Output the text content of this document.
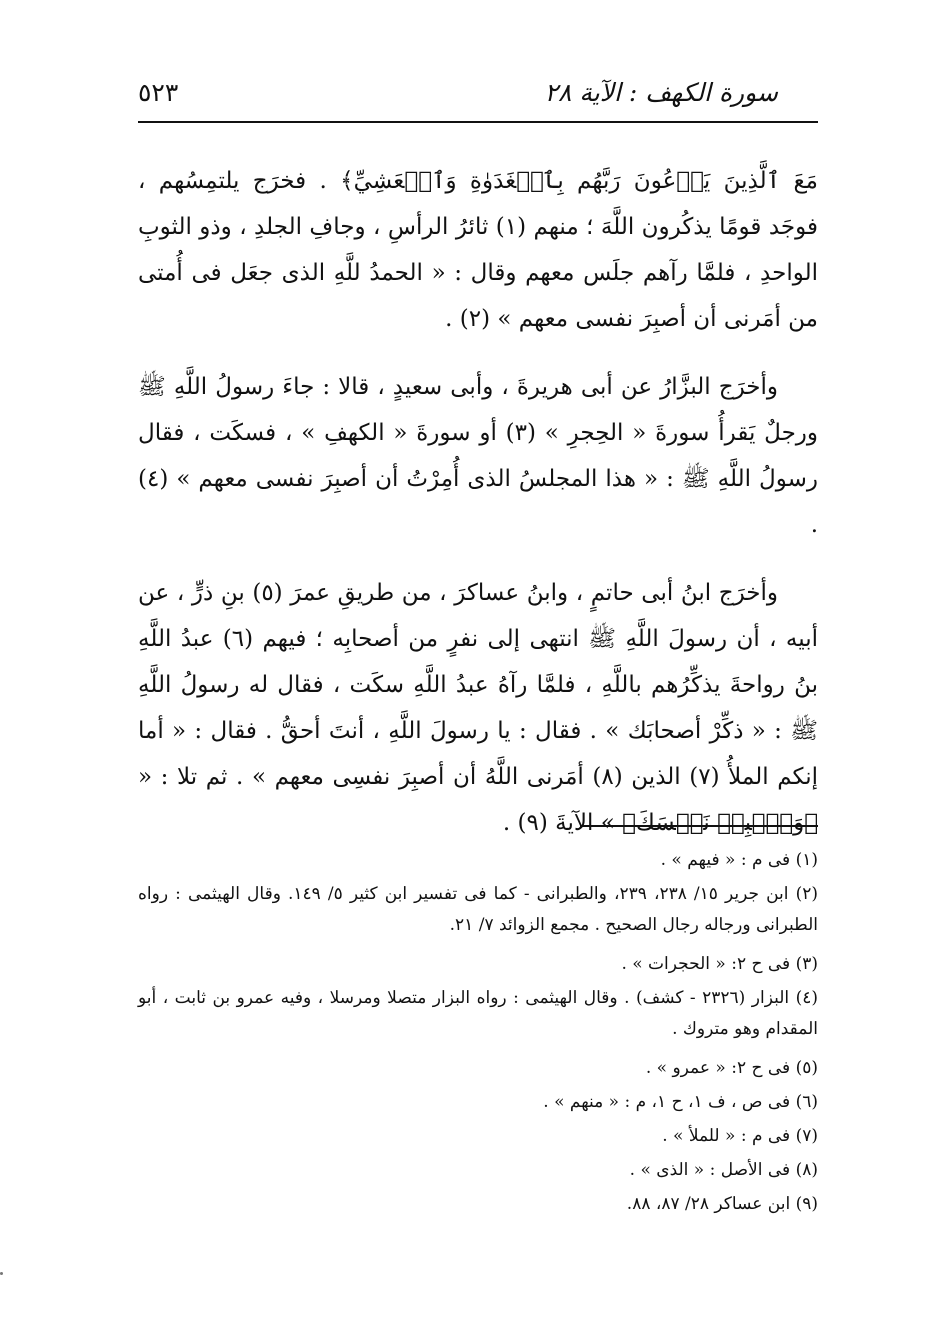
سورة الكهف : الآية ٢٨
٥٢٣

مَعَ ٱلَّذِينَ يَدۡعُونَ رَبَّهُم بِٱلۡغَدَوٰةِ وَٱلۡعَشِيِّ﴾ . فخرَج يلتمِسُهم ، فوجَد قومًا يذكُرون اللَّهَ ؛ منهم (١) ثائرُ الرأسِ ، وجافِ الجلدِ ، وذو الثوبِ الواحدِ ، فلمَّا رآهم جلَس معهم وقال : « الحمدُ للَّهِ الذى جعَل فى أُمتى من أمَرنى أن أصبِرَ نفسى معهم » (٢) .

وأخرَج البزَّارُ عن أبى هريرةَ ، وأبى سعيدٍ ، قالا : جاءَ رسولُ اللَّهِ ﷺ ورجلٌ يَقرأُ سورةَ « الحِجرِ » (٣) أو سورةَ « الكهفِ » ، فسكَت ، فقال رسولُ اللَّهِ ﷺ : « هذا المجلسُ الذى أُمِرْتُ أن أصبِرَ نفسى معهم » (٤) .

وأخرَج ابنُ أبى حاتمٍ ، وابنُ عساكرَ ، من طريقِ عمرَ (٥) بنِ ذرٍّ ، عن أبيه ، أن رسولَ اللَّهِ ﷺ انتهى إلى نفرٍ من أصحابِه ؛ فيهم (٦) عبدُ اللَّهِ بنُ رواحةَ يذكِّرُهم باللَّهِ ، فلمَّا رآهُ عبدُ اللَّهِ سكَت ، فقال له رسولُ اللَّهِ ﷺ : « ذكِّرْ أصحابَك » . فقال : يا رسولَ اللَّهِ ، أنتَ أحقُّ . فقال : « أما إنكم الملأُ (٧) الذين (٨) أمَرنى اللَّهُ أن أصبِرَ نفسِى معهم » . ثم تلا : « ﴿وَٱصۡبِرۡ نَفۡسَكَ﴾ » الآيةَ (٩) .

(١) فى م : « فيهم » .

(٢) ابن جرير ١٥/ ٢٣٨، ٢٣٩، والطبرانى - كما فى تفسير ابن كثير ٥/ ١٤٩. وقال الهيثمى : رواه الطبرانى ورجاله رجال الصحيح . مجمع الزوائد ٧/ ٢١.

(٣) فى ح ٢: « الحجرات » .

(٤) البزار (٢٣٢٦ - كشف) . وقال الهيثمى : رواه البزار متصلا ومرسلا ، وفيه عمرو بن ثابت ، أبو المقدام وهو متروك .

(٥) فى ح ٢: « عمرو » .

(٦) فى ص ، ف ١، ح ١، م : « منهم » .

(٧) فى م : « للملأ » .

(٨) فى الأصل : « الذى » .

(٩) ابن عساكر ٢٨/ ٨٧، ٨٨.
